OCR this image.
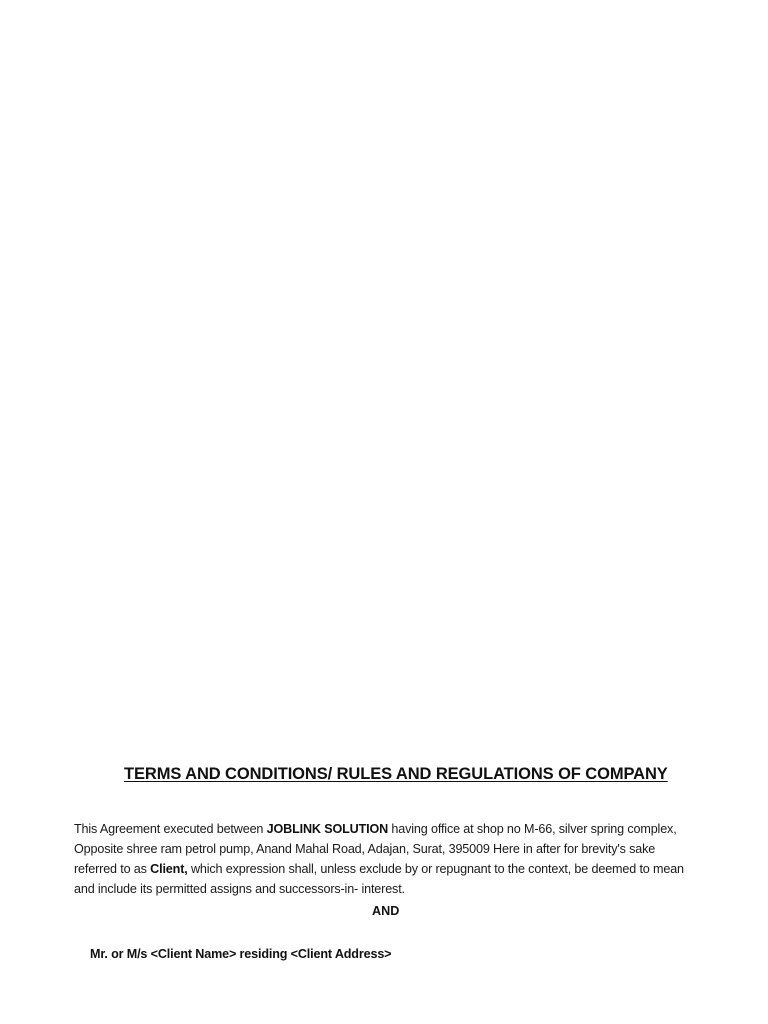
TERMS AND CONDITIONS/ RULES AND REGULATIONS OF COMPANY

This Agreement executed between JOBLINK SOLUTION having office at shop no M-66, silver spring complex, Opposite shree ram petrol pump, Anand Mahal Road, Adajan, Surat, 395009 Here in after for brevity's sake referred to as Client, which expression shall, unless exclude by or repugnant to the context, be deemed to mean and include its permitted assigns and successors-in- interest.

AND
Mr. or M/s <Client Name> residing <Client Address>
